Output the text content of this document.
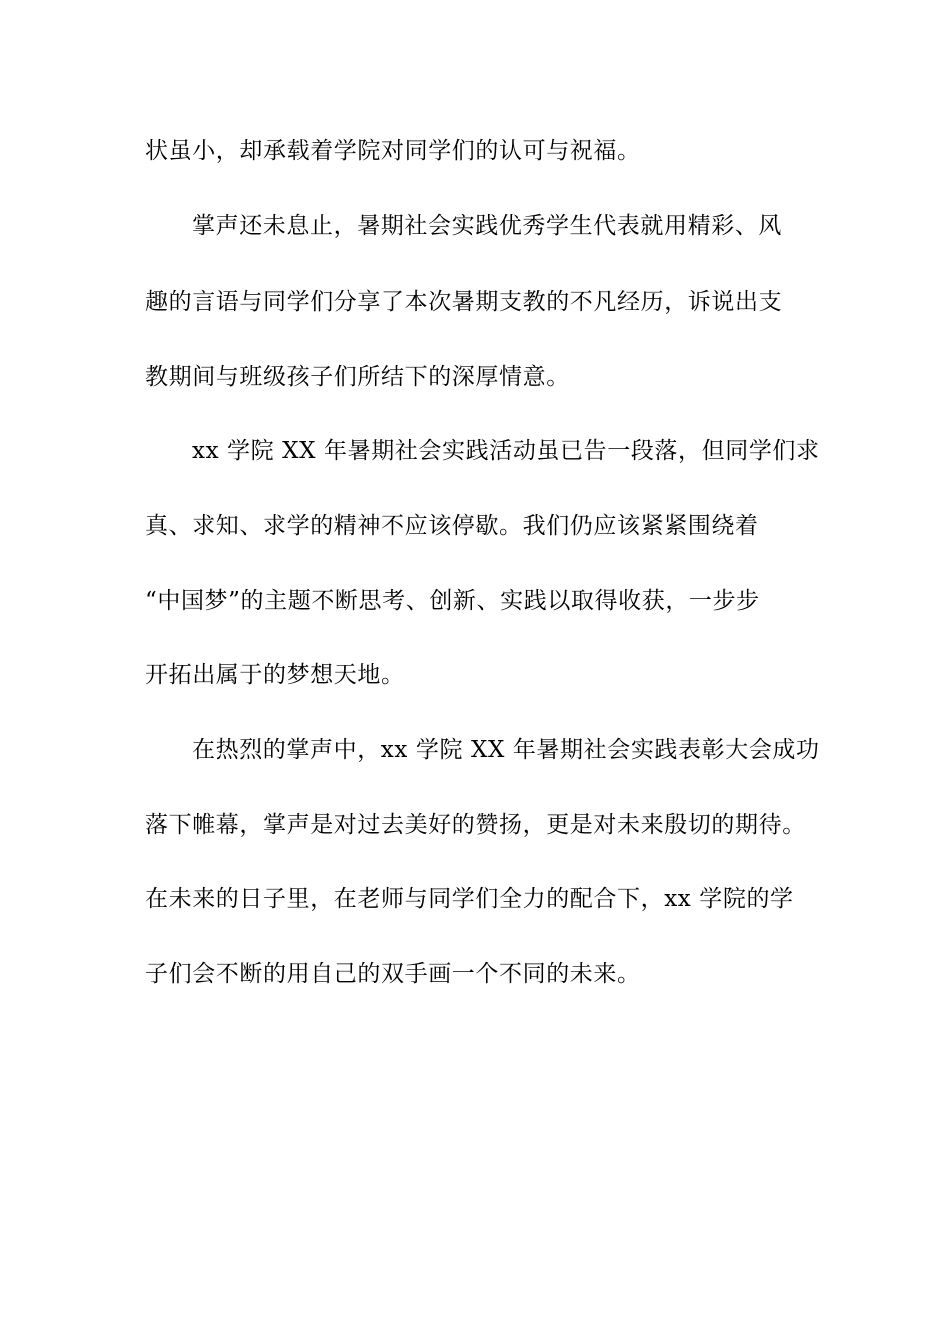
状虽小，却承载着学院对同学们的认可与祝福。
掌声还未息止，暑期社会实践优秀学生代表就用精彩、风
趣的言语与同学们分享了本次暑期支教的不凡经历，诉说出支
教期间与班级孩子们所结下的深厚情意。
xx 学院 XX 年暑期社会实践活动虽已告一段落，但同学们求
真、求知、求学的精神不应该停歇。我们仍应该紧紧围绕着
“中国梦”的主题不断思考、创新、实践以取得收获，一步步
开拓出属于的梦想天地。
在热烈的掌声中，xx 学院 XX 年暑期社会实践表彰大会成功
落下帷幕，掌声是对过去美好的赞扬，更是对未来殷切的期待。
在未来的日子里，在老师与同学们全力的配合下，xx 学院的学
子们会不断的用自己的双手画一个不同的未来。
